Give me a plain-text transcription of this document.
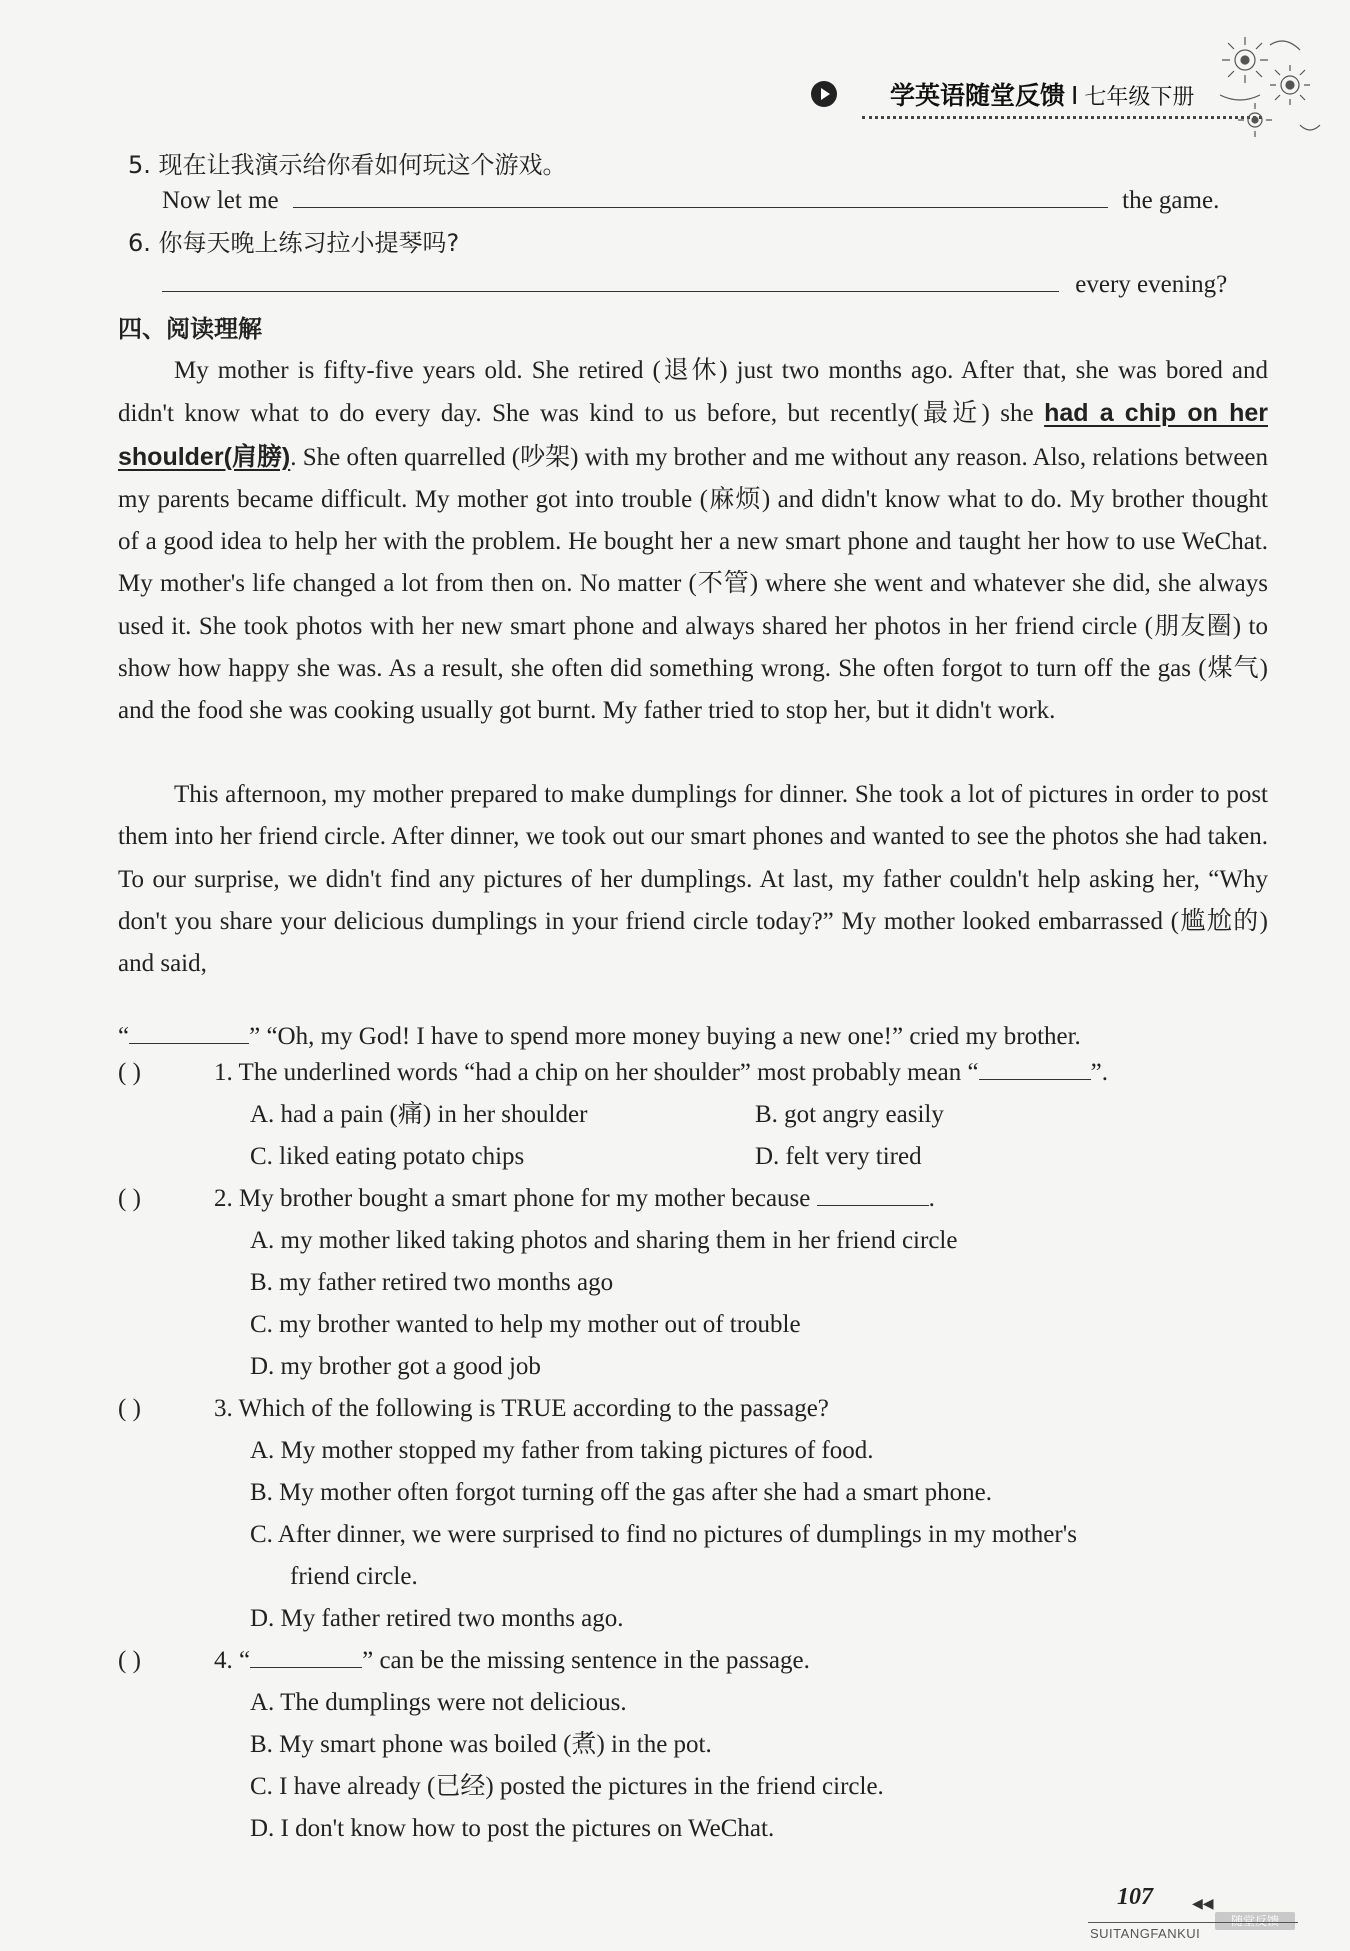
学英语随堂反馈 I 七年级下册
5. 现在让我演示给你看如何玩这个游戏。
Now let me	the game.
6. 你每天晚上练习拉小提琴吗?
every evening?
四、阅读理解

My mother is fifty-five years old. She retired (退休) just two months ago. After that, she was bored and didn't know what to do every day. She was kind to us before, but recently(最近) she had a chip on her shoulder(肩膀). She often quarrelled (吵架) with my brother and me without any reason. Also, relations between my parents became difficult. My mother got into trouble (麻烦) and didn't know what to do. My brother thought of a good idea to help her with the problem. He bought her a new smart phone and taught her how to use WeChat. My mother's life changed a lot from then on. No matter (不管) where she went and whatever she did, she always used it. She took photos with her new smart phone and always shared her photos in her friend circle (朋友圈) to show how happy she was. As a result, she often did something wrong. She often forgot to turn off the gas (煤气) and the food she was cooking usually got burnt. My father tried to stop her, but it didn't work.

This afternoon, my mother prepared to make dumplings for dinner. She took a lot of pictures in order to post them into her friend circle. After dinner, we took out our smart phones and wanted to see the photos she had taken. To our surprise, we didn't find any pictures of her dumplings. At last, my father couldn't help asking her, “Why don't you share your delicious dumplings in your friend circle today?” My mother looked embarrassed (尴尬的) and said,

“	” “Oh, my God! I have to spend more money buying a new one!” cried my brother.
( )	1. The underlined words “had a chip on her shoulder” most probably mean “	”.
A. had a pain (痛) in her shoulder	B. got angry easily
C. liked eating potato chips	D. felt very tired
( )	2. My brother bought a smart phone for my mother because	.
A. my mother liked taking photos and sharing them in her friend circle
B. my father retired two months ago
C. my brother wanted to help my mother out of trouble
D. my brother got a good job
( )	3. Which of the following is TRUE according to the passage?
A. My mother stopped my father from taking pictures of food.
B. My mother often forgot turning off the gas after she had a smart phone.
C. After dinner, we were surprised to find no pictures of dumplings in my mother's
friend circle.
D. My father retired two months ago.
( )	4. “	” can be the missing sentence in the passage.
A. The dumplings were not delicious.
B. My smart phone was boiled (煮) in the pot.
C. I have already (已经) posted the pictures in the friend circle.
D. I don't know how to post the pictures on WeChat.
107	◀◀
随堂反馈
SUITANGFANKUI
